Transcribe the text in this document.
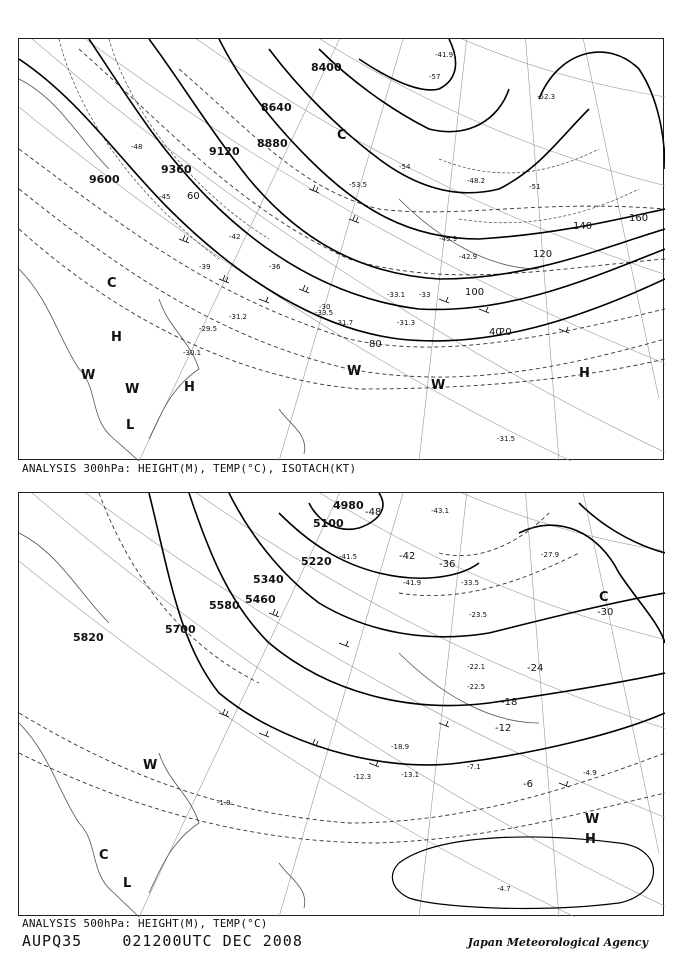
8400
8640
8880
9120
9360
9600
20
40
60
80
100
120
140
160
-30
-33
-36
-39
-42
-45
-48
-51
-54
-57
-31.5
-29.5
-30.1
-31.2	-33.5
-31.7	-31.3
-33.1
-52.3
-42.9
-45.9
-48.2
-53.5
-41.9
H
H
H
L
W
W
W
W
C
C
ANALYSIS 300hPa: HEIGHT(M), TEMP(°C), ISOTACH(KT)
4980
5100
5220
5340
5460
5580
5700
5820
-6
-12
-18
-24
-30
-36
-42
-48
-4.7
-1.9
-13.1
-7.1
-4.9
-23.5
-27.9
-33.5
-41.9
-43.1
-41.5
-12.3
-18.9
-22.1
-22.5
H
L
C
W
W
C
ANALYSIS 500hPa: HEIGHT(M), TEMP(°C)
AUPQ35	021200UTC DEC 2008	Japan Meteorological Agency
